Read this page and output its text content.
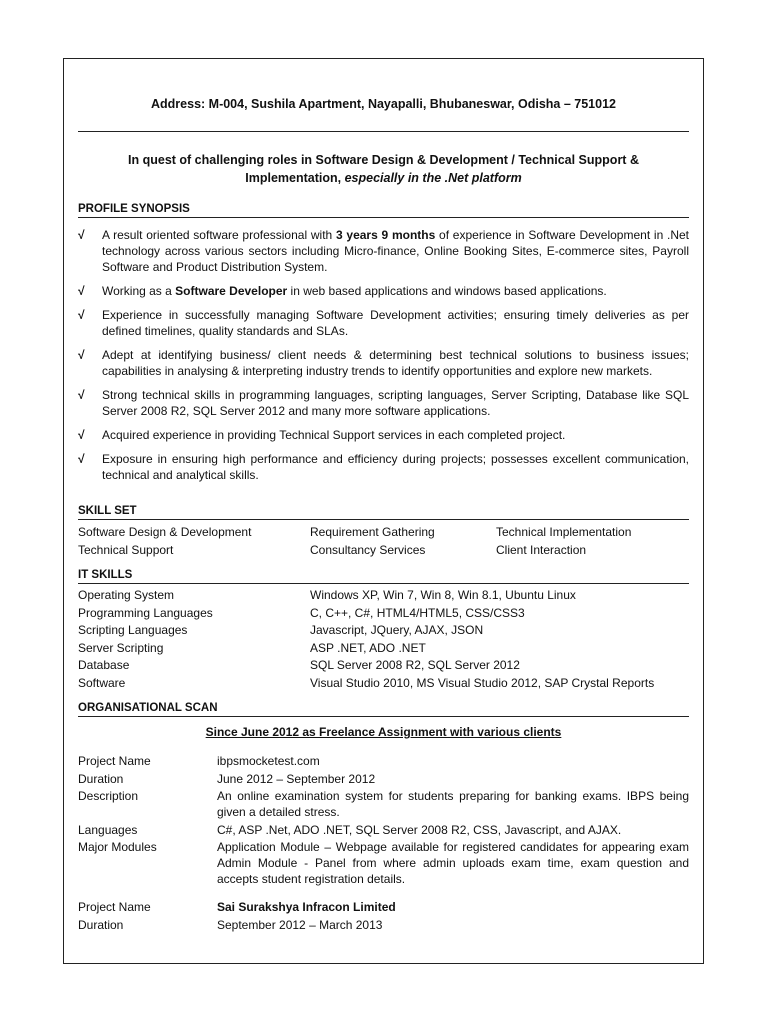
Address: M-004, Sushila Apartment, Nayapalli, Bhubaneswar, Odisha – 751012
In quest of challenging roles in Software Design & Development / Technical Support &
Implementation, especially in the .Net platform
PROFILE SYNOPSIS
√ A result oriented software professional with 3 years 9 months of experience in Software Development in .Net technology across various sectors including Micro-finance, Online Booking Sites, E-commerce sites, Payroll Software and Product Distribution System.
√ Working as a Software Developer in web based applications and windows based applications.
√ Experience in successfully managing Software Development activities; ensuring timely deliveries as per defined timelines, quality standards and SLAs.
√ Adept at identifying business/ client needs & determining best technical solutions to business issues; capabilities in analysing & interpreting industry trends to identify opportunities and explore new markets.
√ Strong technical skills in programming languages, scripting languages, Server Scripting, Database like SQL Server 2008 R2, SQL Server 2012 and many more software applications.
√ Acquired experience in providing Technical Support services in each completed project.
√ Exposure in ensuring high performance and efficiency during projects; possesses excellent communication, technical and analytical skills.
SKILL SET
Software Design & Development	Requirement Gathering	Technical Implementation
Technical Support	Consultancy Services	Client Interaction
IT SKILLS
Operating System	Windows XP, Win 7, Win 8, Win 8.1, Ubuntu Linux
Programming Languages	C, C++, C#, HTML4/HTML5, CSS/CSS3
Scripting Languages	Javascript, JQuery, AJAX, JSON
Server Scripting	ASP .NET, ADO .NET
Database	SQL Server 2008 R2, SQL Server 2012
Software	Visual Studio 2010, MS Visual Studio 2012, SAP Crystal Reports
ORGANISATIONAL SCAN
Since June 2012 as Freelance Assignment with various clients
Project Name	ibpsmocketest.com
Duration	June 2012 – September 2012
Description	An online examination system for students preparing for banking exams. IBPS being given a detailed stress.
Languages	C#, ASP .Net, ADO .NET, SQL Server 2008 R2, CSS, Javascript, and AJAX.
Major Modules	Application Module – Webpage available for registered candidates for appearing exam Admin Module - Panel from where admin uploads exam time, exam question and accepts student registration details.
Project Name	Sai Surakshya Infracon Limited
Duration	September 2012 – March 2013
